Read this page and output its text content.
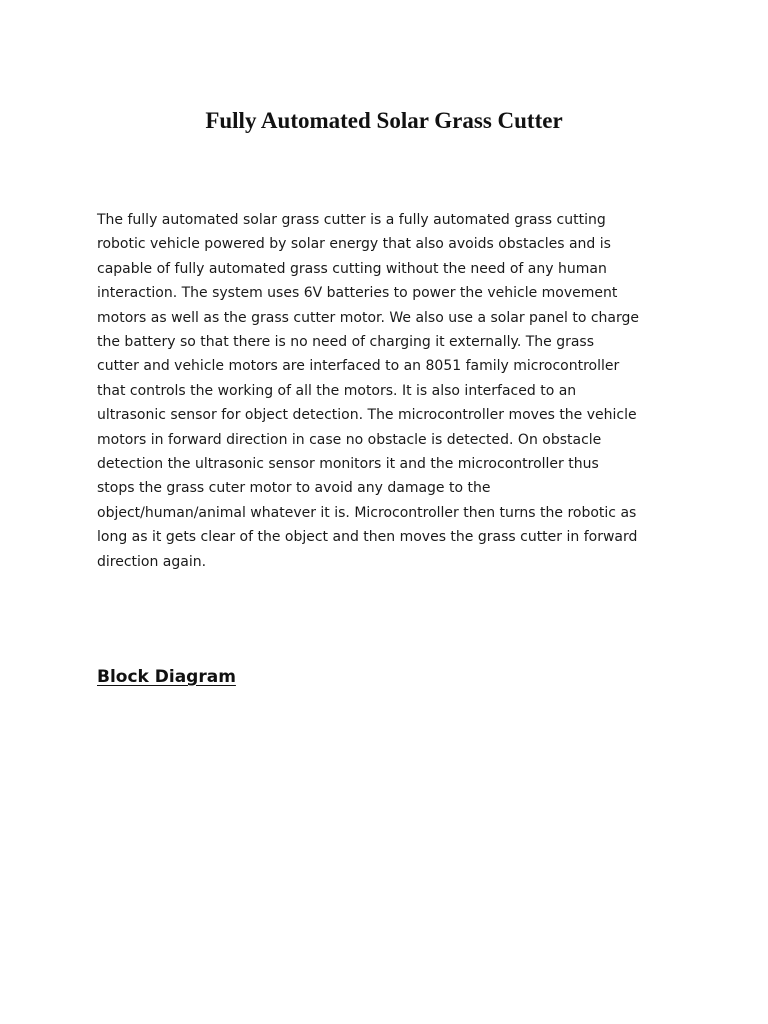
Fully Automated Solar Grass Cutter
The fully automated solar grass cutter is a fully automated grass cutting
robotic vehicle powered by solar energy that also avoids obstacles and is
capable of fully automated grass cutting without the need of any human
interaction. The system uses 6V batteries to power the vehicle movement
motors as well as the grass cutter motor. We also use a solar panel to charge
the battery so that there is no need of charging it externally. The grass
cutter and vehicle motors are interfaced to an 8051 family microcontroller
that controls the working of all the motors. It is also interfaced to an
ultrasonic sensor for object detection. The microcontroller moves the vehicle
motors in forward direction in case no obstacle is detected. On obstacle
detection the ultrasonic sensor monitors it and the microcontroller thus
stops the grass cuter motor to avoid any damage to the
object/human/animal whatever it is. Microcontroller then turns the robotic as
long as it gets clear of the object and then moves the grass cutter in forward
direction again.
Block Diagram
